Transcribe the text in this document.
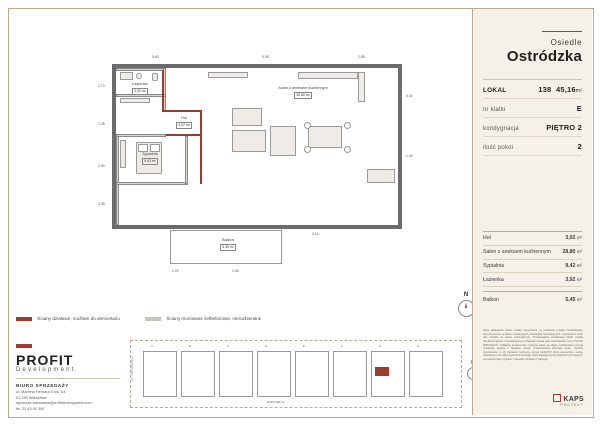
Łazienka
3,92 m²
Hol
3,02 m²
Salon z aneksem kuchennym
28,80 m²
Sypialnia
9,42 m²
Balkon
5,45 m²
2.70
1.45
2.90
3.38
5.60	3.05	2.85
4.40
1.30
2.20	2.45
3.10
Ściany działowe, możliwe do demontażu	Ściany murowane żelbetonowe, nierozbieralne
N
PROFIT
Development
BIURO SPRZEDAŻY
ul. Marlena Hernara 5 lok. U1
01-289 Warszawa
sprzedaz.warszawa@profitdevelopment.com
tel. 22 43 90 300
UL. OSTRÓDZKA
A	B	C	D	E	F	G	H
BUDYNEK E
Osiedle
Ostródzka
LOKAL	138 45,16m²
nr klatki	E
kondygnacja	PIĘTRO 2
ilość pokoi	2
Hol	3,02 m²
Salon z aneksem kuchennym 28,80 m²
Sypialnia	9,42 m²
Łazienka	3,92 m²
Balkon	5,45 m²
Karta katalogowa lokalu została opracowana na podstawie projektu budowlanego. Rozmieszczenie punktów instalacyjnych, przebiegów wentylacyjnych i powierzchni może ulec zmianie na etapie wykonawczym. Przedstawiona wizualizacja lokalu została określona zgodnie z obowiązującymi przepisami prawa, jako zobowiązanie normy PN-ISO 9836:2022-07. Dokładne powierzchnie użytkowe lokalu są objęte rozbudowaną pozycją rzutowaną zgodnie z zapisami umowy. Przedstawiona aranżacja lokalu, wiedzka wyposażenia, tj. ich zamiarów, kuchenne, sprzęt AGD-RTV, drzwi wewnętrzne, meble, oświetlenie i ich zakres wykończenia lokalu. Karta katalogowa ma charakter informacyjny i nie stanowi oferty zgodnie z zasadami Kodeksu cywilnego.
KAPS
PROJEKT
